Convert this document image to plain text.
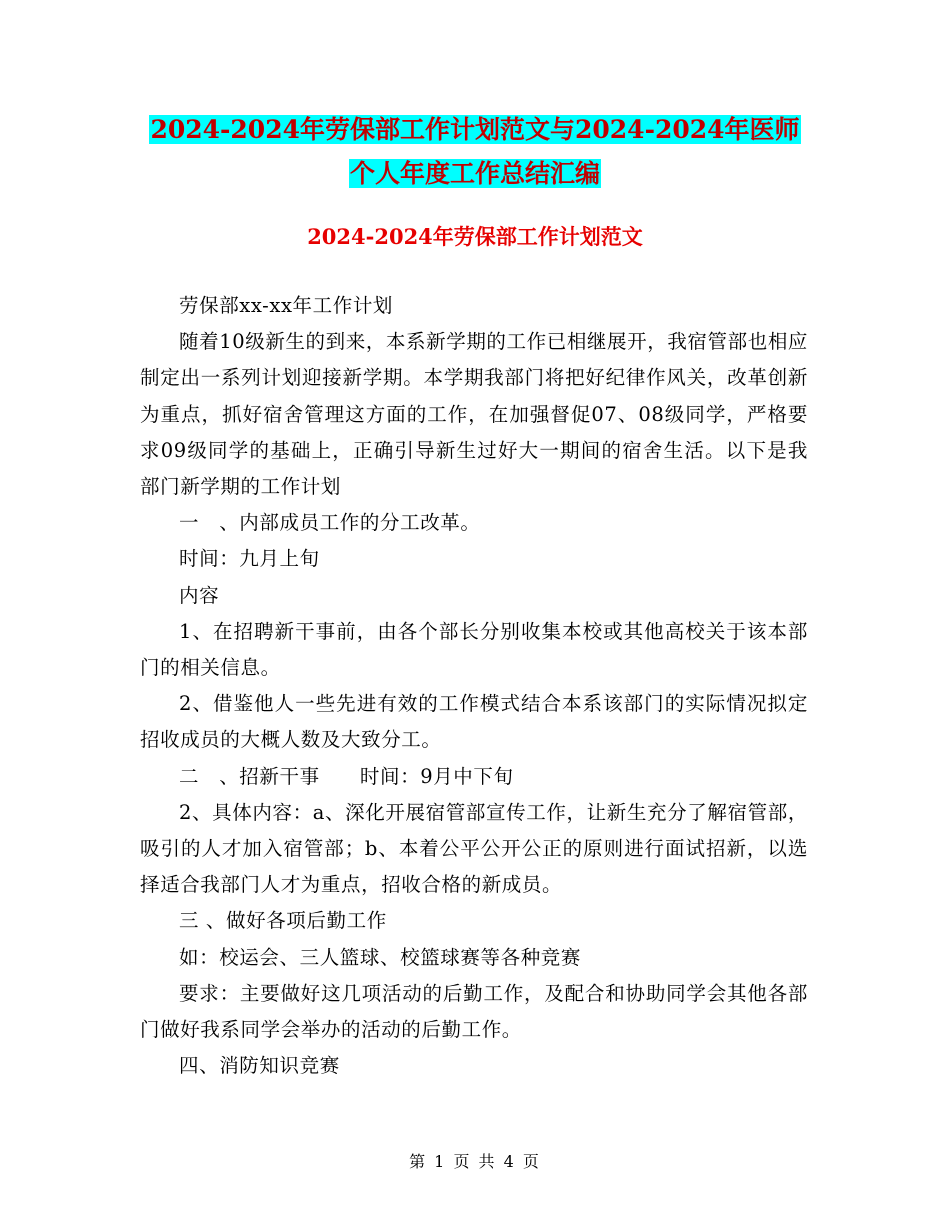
2024-2024年劳保部工作计划范文与2024-2024年医师
个人年度工作总结汇编
2024-2024年劳保部工作计划范文

劳保部xx-xx年工作计划

随着10级新生的到来，本系新学期的工作已相继展开，我宿管部也相应制定出一系列计划迎接新学期。本学期我部门将把好纪律作风关，改革创新为重点，抓好宿舍管理这方面的工作，在加强督促07、08级同学，严格要求09级同学的基础上，正确引导新生过好大一期间的宿舍生活。以下是我部门新学期的工作计划

一　、内部成员工作的分工改革。

时间：九月上旬

内容

1、在招聘新干事前，由各个部长分别收集本校或其他高校关于该本部门的相关信息。

2、借鉴他人一些先进有效的工作模式结合本系该部门的实际情况拟定招收成员的大概人数及大致分工。

二　、招新干事　　时间：9月中下旬

2、具体内容：a、深化开展宿管部宣传工作，让新生充分了解宿管部，吸引的人才加入宿管部；b、本着公平公开公正的原则进行面试招新，以选择适合我部门人才为重点，招收合格的新成员。

三 、做好各项后勤工作

如：校运会、三人篮球、校篮球赛等各种竞赛

要求：主要做好这几项活动的后勤工作，及配合和协助同学会其他各部门做好我系同学会举办的活动的后勤工作。

四、消防知识竞赛

第 1 页 共 4 页
